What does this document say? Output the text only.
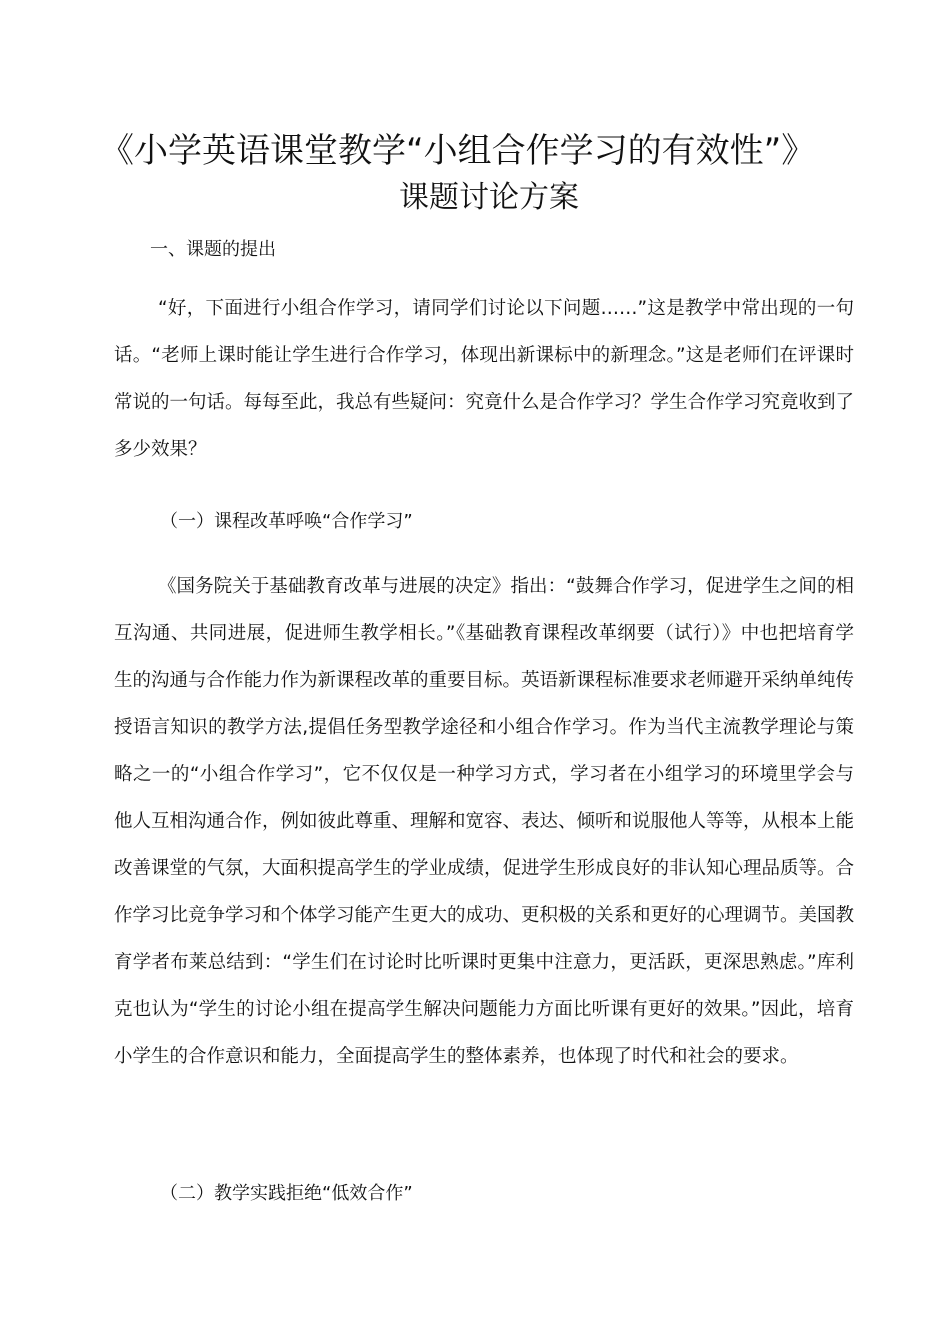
《小学英语课堂教学“小组合作学习的有效性”》
课题讨论方案
一、课题的提出
“好，下面进行小组合作学习，请同学们讨论以下问题……”这是教学中常出现的一句话。“老师上课时能让学生进行合作学习，体现出新课标中的新理念。”这是老师们在评课时常说的一句话。每每至此，我总有些疑问：究竟什么是合作学习？学生合作学习究竟收到了多少效果？
（一）课程改革呼唤“合作学习”
《国务院关于基础教育改革与进展的决定》指出：“鼓舞合作学习，促进学生之间的相互沟通、共同进展，促进师生教学相长。”《基础教育课程改革纲要（试行）》中也把培育学生的沟通与合作能力作为新课程改革的重要目标。英语新课程标准要求老师避开采纳单纯传授语言知识的教学方法,提倡任务型教学途径和小组合作学习。作为当代主流教学理论与策略之一的“小组合作学习”，它不仅仅是一种学习方式，学习者在小组学习的环境里学会与他人互相沟通合作，例如彼此尊重、理解和宽容、表达、倾听和说服他人等等，从根本上能改善课堂的气氛，大面积提高学生的学业成绩，促进学生形成良好的非认知心理品质等。合作学习比竞争学习和个体学习能产生更大的成功、更积极的关系和更好的心理调节。美国教育学者布莱总结到：“学生们在讨论时比听课时更集中注意力，更活跃，更深思熟虑。”库利克也认为“学生的讨论小组在提高学生解决问题能力方面比听课有更好的效果。”因此，培育小学生的合作意识和能力，全面提高学生的整体素养，也体现了时代和社会的要求。
（二）教学实践拒绝“低效合作”
